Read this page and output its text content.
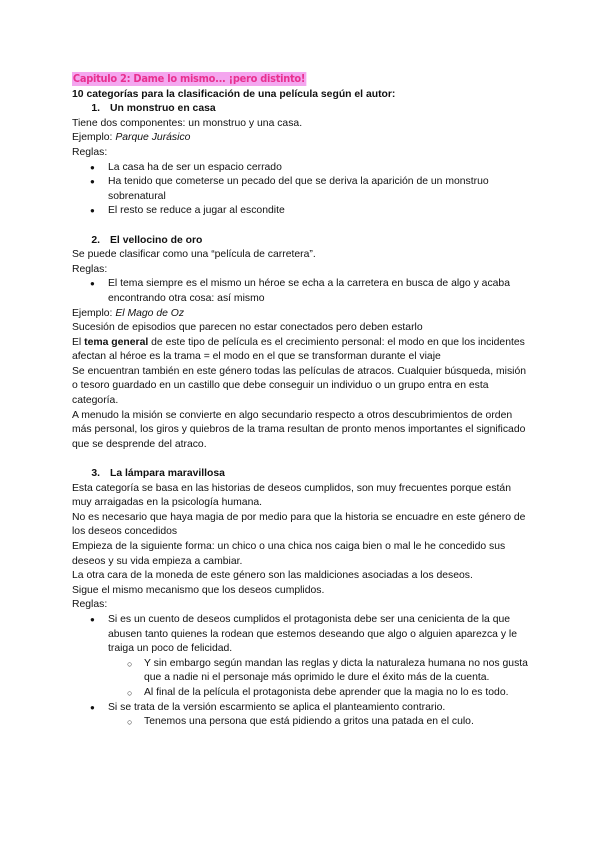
Capitulo 2: Dame lo mismo... ¡pero distinto!

10 categorías para la clasificación de una película según el autor:

1. Un monstruo en casa

Tiene dos componentes: un monstruo y una casa.

Ejemplo: Parque Jurásico

Reglas:

● La casa ha de ser un espacio cerrado
● Ha tenido que cometerse un pecado del que se deriva la aparición de un monstruo sobrenatural
● El resto se reduce a jugar al escondite

2. El vellocino de oro

Se puede clasificar como una “película de carretera”.

Reglas:

● El tema siempre es el mismo un héroe se echa a la carretera en busca de algo y acaba encontrando otra cosa: así mismo

Ejemplo: El Mago de Oz

Sucesión de episodios que parecen no estar conectados pero deben estarlo

El tema general de este tipo de película es el crecimiento personal: el modo en que los incidentes afectan al héroe es la trama = el modo en el que se transforman durante el viaje

Se encuentran también en este género todas las películas de atracos. Cualquier búsqueda, misión o tesoro guardado en un castillo que debe conseguir un individuo o un grupo entra en esta categoría.

A menudo la misión se convierte en algo secundario respecto a otros descubrimientos de orden más personal, los giros y quiebros de la trama resultan de pronto menos importantes el significado que se desprende del atraco.

3. La lámpara maravillosa

Esta categoría se basa en las historias de deseos cumplidos, son muy frecuentes porque están muy arraigadas en la psicología humana.

No es necesario que haya magia de por medio para que la historia se encuadre en este género de los deseos concedidos

Empieza de la siguiente forma: un chico o una chica nos caiga bien o mal le he concedido sus deseos y su vida empieza a cambiar.

La otra cara de la moneda de este género son las maldiciones asociadas a los deseos.

Sigue el mismo mecanismo que los deseos cumplidos.

Reglas:

● Si es un cuento de deseos cumplidos el protagonista debe ser una cenicienta de la que abusen tanto quienes la rodean que estemos deseando que algo o alguien aparezca y le traiga un poco de felicidad.
○ Y sin embargo según mandan las reglas y dicta la naturaleza humana no nos gusta que a nadie ni el personaje más oprimido le dure el éxito más de la cuenta.
○ Al final de la película el protagonista debe aprender que la magia no lo es todo.
● Si se trata de la versión escarmiento se aplica el planteamiento contrario.
○ Tenemos una persona que está pidiendo a gritos una patada en el culo.
